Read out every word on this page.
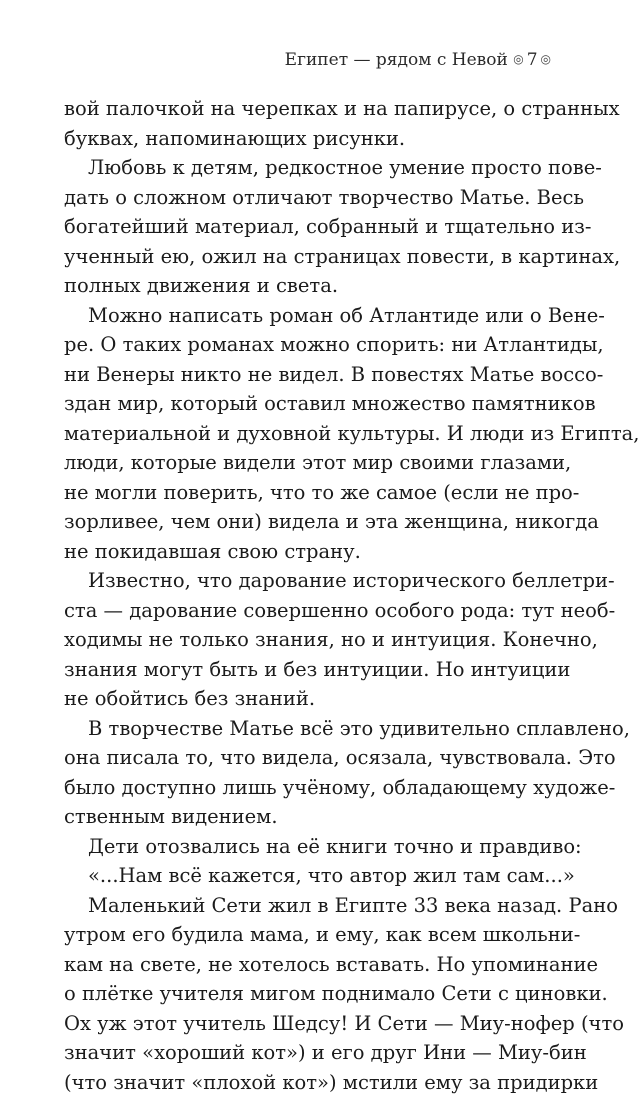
Египет — рядом с Невой ◎ 7 ◎
вой палочкой на черепках и на папирусе, о странных
буквах, напоминающих рисунки.
Любовь к детям, редкостное умение просто пове-
дать о сложном отличают творчество Матье. Весь
богатейший материал, собранный и тщательно из-
ученный ею, ожил на страницах повести, в картинах,
полных движения и света.
Можно написать роман об Атлантиде или о Вене-
ре. О таких романах можно спорить: ни Атлантиды,
ни Венеры никто не видел. В повестях Матье воссо-
здан мир, который оставил множество памятников
материальной и духовной культуры. И люди из Египта,
люди, которые видели этот мир своими глазами,
не могли поверить, что то же самое (если не про-
зорливее, чем они) видела и эта женщина, никогда
не покидавшая свою страну.
Известно, что дарование исторического беллетри-
ста — дарование совершенно особого рода: тут необ-
ходимы не только знания, но и интуиция. Конечно,
знания могут быть и без интуиции. Но интуиции
не обойтись без знаний.
В творчестве Матье всё это удивительно сплавлено,
она писала то, что видела, осязала, чувствовала. Это
было доступно лишь учёному, обладающему художе-
ственным видением.
Дети отозвались на её книги точно и правдиво:
«...Нам всё кажется, что автор жил там сам...»
Маленький Сети жил в Египте 33 века назад. Рано
утром его будила мама, и ему, как всем школьни-
кам на свете, не хотелось вставать. Но упоминание
о плётке учителя мигом поднимало Сети с циновки.
Ох уж этот учитель Шедсу! И Сети — Миу-нофер (что
значит «хороший кот») и его друг Ини — Миу-бин
(что значит «плохой кот») мстили ему за придирки
